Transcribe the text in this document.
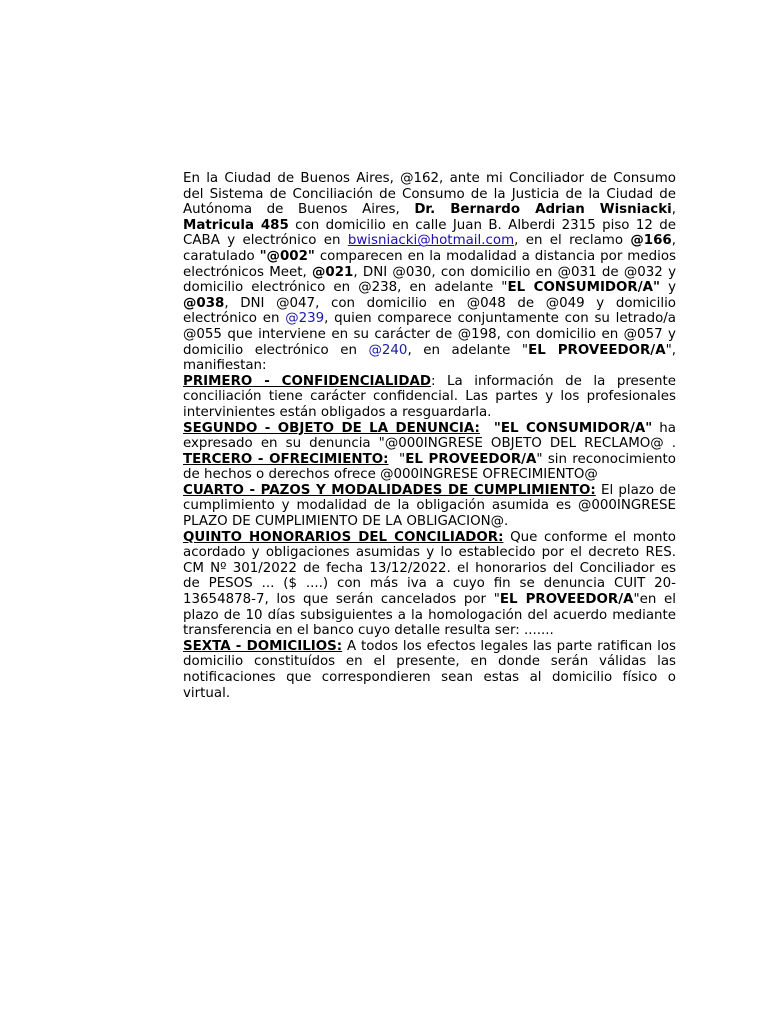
En la Ciudad de Buenos Aires, @162, ante mi Conciliador de Consumo del Sistema de Conciliación de Consumo de la Justicia de la Ciudad de Autónoma de Buenos Aires, Dr. Bernardo Adrian Wisniacki, Matricula 485 con domicilio en calle Juan B. Alberdi 2315 piso 12 de CABA y electrónico en bwisniacki@hotmail.com, en el reclamo @166, caratulado "@002" comparecen en la modalidad a distancia por medios electrónicos Meet, @021, DNI @030, con domicilio en @031 de @032 y domicilio electrónico en @238, en adelante "EL CONSUMIDOR/A" y @038, DNI @047, con domicilio en @048 de @049 y domicilio electrónico en @239, quien comparece conjuntamente con su letrado/a @055 que interviene en su carácter de @198, con domicilio en @057 y domicilio electrónico en @240, en adelante "EL PROVEEDOR/A", manifiestan:

PRIMERO - CONFIDENCIALIDAD: La información de la presente conciliación tiene carácter confidencial. Las partes y los profesionales intervinientes están obligados a resguardarla.

SEGUNDO - OBJETO DE LA DENUNCIA: "EL CONSUMIDOR/A" ha expresado en su denuncia "@000INGRESE OBJETO DEL RECLAMO@ . TERCERO - OFRECIMIENTO:  "EL PROVEEDOR/A" sin reconocimiento de hechos o derechos ofrece @000INGRESE OFRECIMIENTO@

CUARTO - PAZOS Y MODALIDADES DE CUMPLIMIENTO: El plazo de cumplimiento y modalidad de la obligación asumida es @000INGRESE PLAZO DE CUMPLIMIENTO DE LA OBLIGACION@.

QUINTO HONORARIOS DEL CONCILIADOR: Que conforme el monto acordado y obligaciones asumidas y lo establecido por el decreto RES. CM Nº 301/2022 de fecha 13/12/2022. el honorarios del Conciliador es de PESOS ... ($ ....) con más iva a cuyo fin se denuncia CUIT 20-13654878-7, los que serán cancelados por "EL PROVEEDOR/A"en el plazo de 10 días subsiguientes a la homologación del acuerdo mediante transferencia en el banco cuyo detalle resulta ser: .......

SEXTA - DOMICILIOS: A todos los efectos legales las parte ratifican los domicilio constituídos en el presente, en donde serán válidas las notificaciones que correspondieren sean estas al domicilio físico o virtual.
